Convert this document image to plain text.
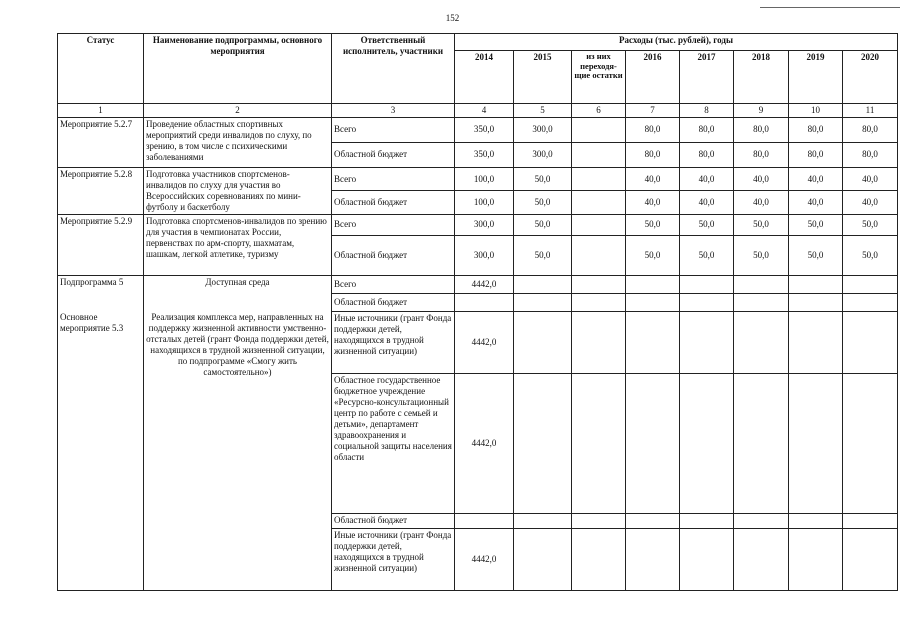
152
Статус	Наименование подпрограммы, основного мероприятия	Ответственный исполнитель, участники	Расходы (тыс. рублей), годы							
			2014	2015	из них переходя-щие остатки	2016	2017	2018	2019	2020
1	2	3	4	5	6	7	8	9	10	11
Мероприятие 5.2.7	Проведение областных спортивных мероприятий среди инвалидов по слуху, по зрению, в том числе с психическими заболеваниями	Всего	350,0	300,0		80,0	80,0	80,0	80,0	80,0
		Областной бюджет	350,0	300,0		80,0	80,0	80,0	80,0	80,0
Мероприятие 5.2.8	Подготовка участников спортсменов-инвалидов по слуху для участия во Всероссийских соревнованиях по мини-футболу и баскетболу	Всего	100,0	50,0		40,0	40,0	40,0	40,0	40,0
		Областной бюджет	100,0	50,0		40,0	40,0	40,0	40,0	40,0
Мероприятие 5.2.9	Подготовка спортсменов-инвалидов по зрению для участия в чемпионатах России, первенствах по арм-спорту, шахматам, шашкам, легкой атлетике, туризму	Всего	300,0	50,0		50,0	50,0	50,0	50,0	50,0
		Областной бюджет	300,0	50,0		50,0	50,0	50,0	50,0	50,0
Подпрограмма 5	Доступная среда	Всего	4442,0							
		Областной бюджет								
Основное мероприятие 5.3	Реализация комплекса мер, направленных на поддержку жизненной активности умственно-отсталых детей (грант Фонда поддержки детей, находящихся в трудной жизненной ситуации, по подпрограмме «Смогу жить самостоятельно»)	Иные источники (грант Фонда поддержки детей, находящихся в трудной жизненной ситуации)	4442,0							
		Областное государственное бюджетное учреждение «Ресурсно-консультационный центр по работе с семьей и детьми», департамент здравоохранения и социальной защиты населения области	4442,0							
		Областной бюджет								
		Иные источники (грант Фонда поддержки детей, находящихся в трудной жизненной ситуации)	4442,0							
